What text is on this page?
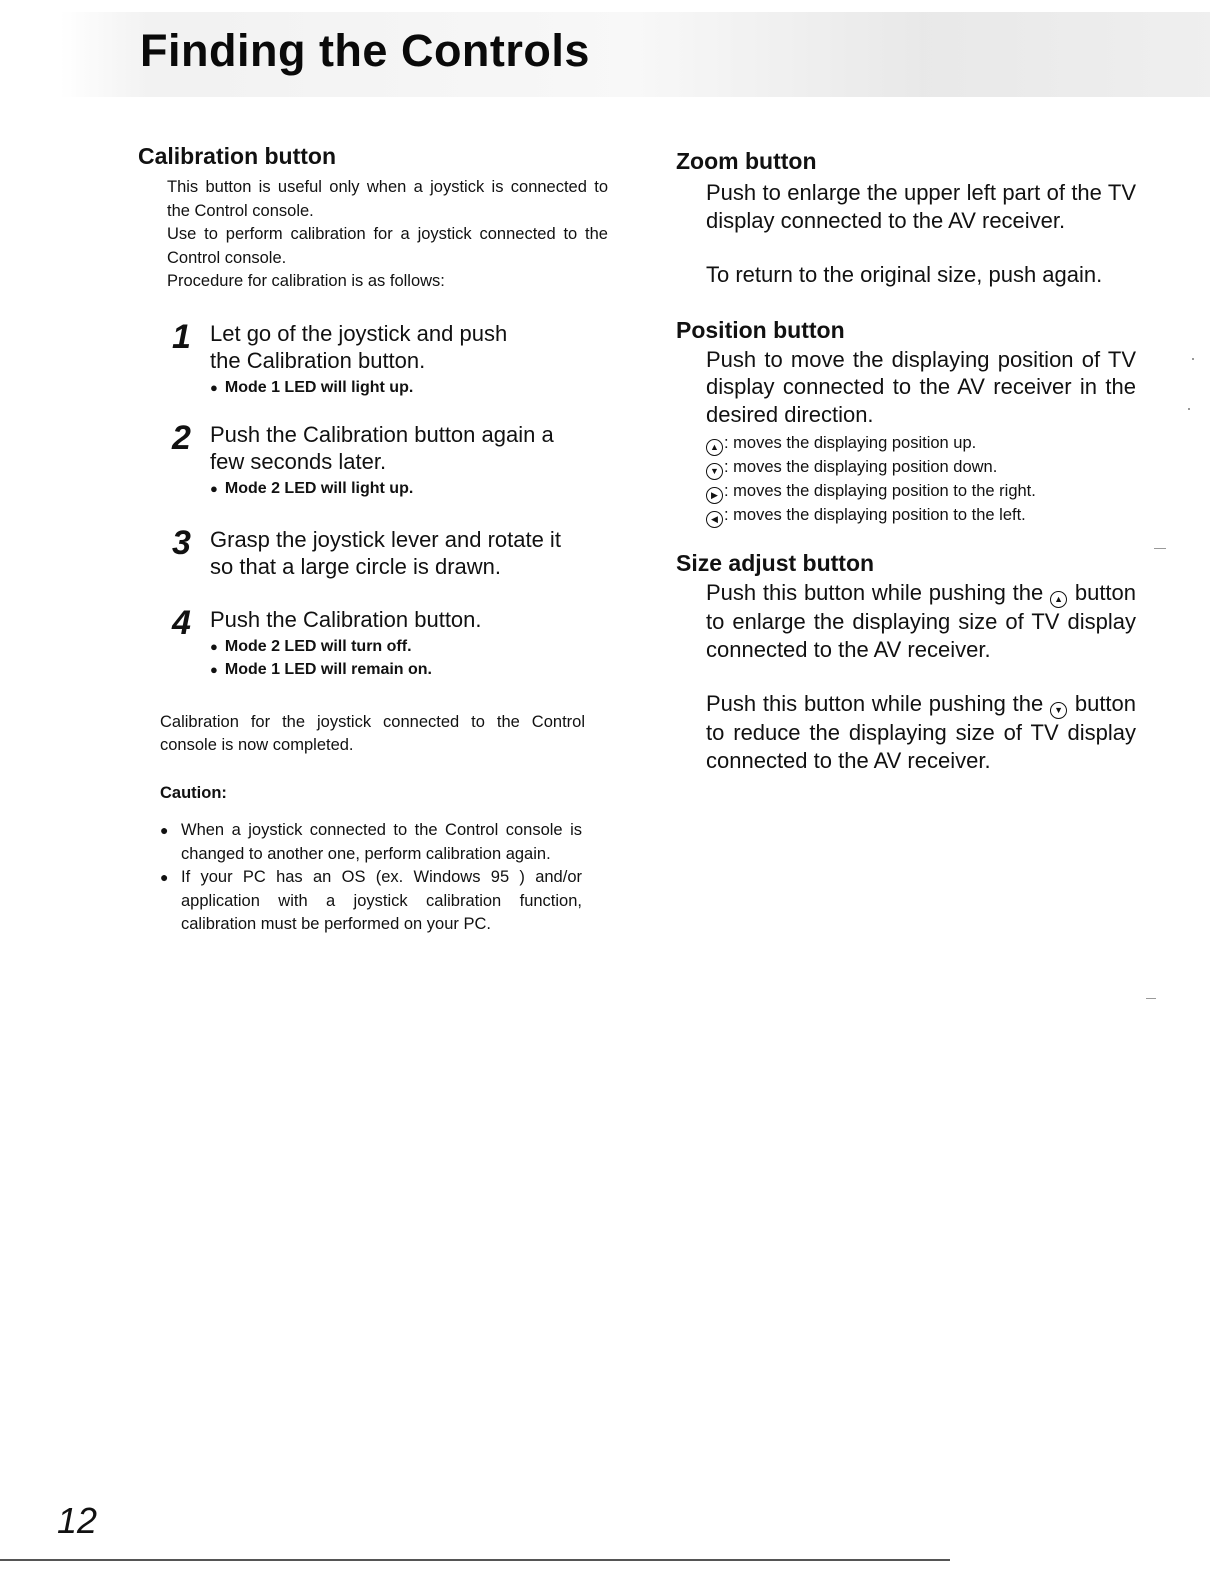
Finding the Controls
Calibration button

This button is useful only when a joystick is connected to the Control console.

Use to perform calibration for a joystick connected to the Control console.

Procedure for calibration is as follows:

1 Let go of the joystick and push the Calibration button.

● Mode 1 LED will light up.

2 Push the Calibration button again a few seconds later.

● Mode 2 LED will light up.

3 Grasp the joystick lever and rotate it so that a large circle is drawn.

4 Push the Calibration button.

● Mode 2 LED will turn off.

● Mode 1 LED will remain on.

Calibration for the joystick connected to the Control console is now completed.

Caution:

● When a joystick connected to the Control console is changed to another one, perform calibration again.
● If your PC has an OS (ex. Windows 95 ) and/or application with a joystick calibration function, calibration must be performed on your PC.
Zoom button

Push to enlarge the upper left part of the TV display connected to the AV receiver.

To return to the original size, push again.

Position button

Push to move the displaying position of TV display connected to the AV receiver in the desired direction.

▲ : moves the displaying position up.
▼ : moves the displaying position down.
▶ : moves the displaying position to the right.
◀ : moves the displaying position to the left.
Size adjust button

Push this button while pushing the ▲ button to enlarge the displaying size of TV display connected to the AV receiver.

Push this button while pushing the ▼ button to reduce the displaying size of TV display connected to the AV receiver.

12
